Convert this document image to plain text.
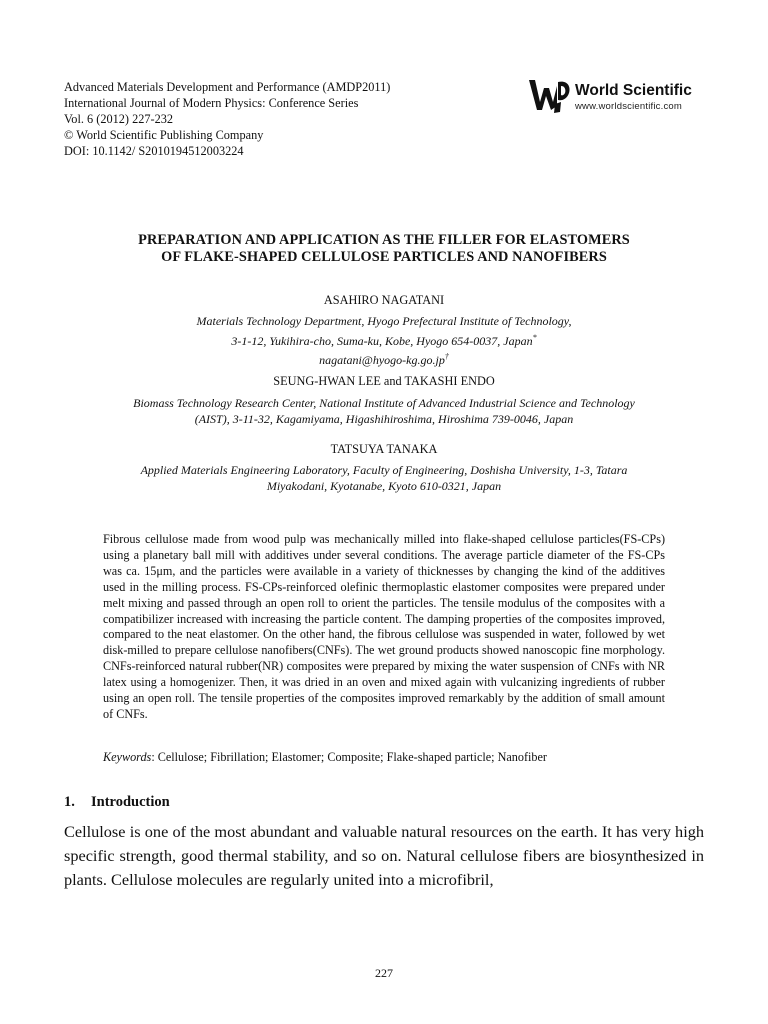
Advanced Materials Development and Performance (AMDP2011)
International Journal of Modern Physics: Conference Series
Vol. 6 (2012) 227-232
© World Scientific Publishing Company
DOI: 10.1142/ S2010194512003224
World Scientific
www.worldscientific.com
PREPARATION AND APPLICATION AS THE FILLER FOR ELASTOMERS
OF FLAKE-SHAPED CELLULOSE PARTICLES AND NANOFIBERS
ASAHIRO NAGATANI
Materials Technology Department, Hyogo Prefectural Institute of Technology,
3-1-12, Yukihira-cho, Suma-ku, Kobe, Hyogo 654-0037, Japan*
nagatani@hyogo-kg.go.jp†
SEUNG-HWAN LEE and TAKASHI ENDO
Biomass Technology Research Center, National Institute of Advanced Industrial Science and Technology
(AIST), 3-11-32, Kagamiyama, Higashihiroshima, Hiroshima 739-0046, Japan
TATSUYA TANAKA
Applied Materials Engineering Laboratory, Faculty of Engineering, Doshisha University, 1-3, Tatara
Miyakodani, Kyotanabe, Kyoto 610-0321, Japan

Fibrous cellulose made from wood pulp was mechanically milled into flake-shaped cellulose particles(FS-CPs) using a planetary ball mill with additives under several conditions. The average particle diameter of the FS-CPs was ca. 15μm, and the particles were available in a variety of thicknesses by changing the kind of the additives used in the milling process. FS-CPs-reinforced olefinic thermoplastic elastomer composites were prepared under melt mixing and passed through an open roll to orient the particles. The tensile modulus of the composites with a compatibilizer increased with increasing the particle content. The damping properties of the composites improved, compared to the neat elastomer. On the other hand, the fibrous cellulose was suspended in water, followed by wet disk-milled to prepare cellulose nanofibers(CNFs). The wet ground products showed nanoscopic fine morphology. CNFs-reinforced natural rubber(NR) composites were prepared by mixing the water suspension of CNFs with NR latex using a homogenizer. Then, it was dried in an oven and mixed again with vulcanizing ingredients of rubber using an open roll. The tensile properties of the composites improved remarkably by the addition of small amount of CNFs.

Keywords: Cellulose; Fibrillation; Elastomer; Composite; Flake-shaped particle; Nanofiber
1. Introduction

Cellulose is one of the most abundant and valuable natural resources on the earth. It has very high specific strength, good thermal stability, and so on. Natural cellulose fibers are biosynthesized in plants. Cellulose molecules are regularly united into a microfibril,

227
